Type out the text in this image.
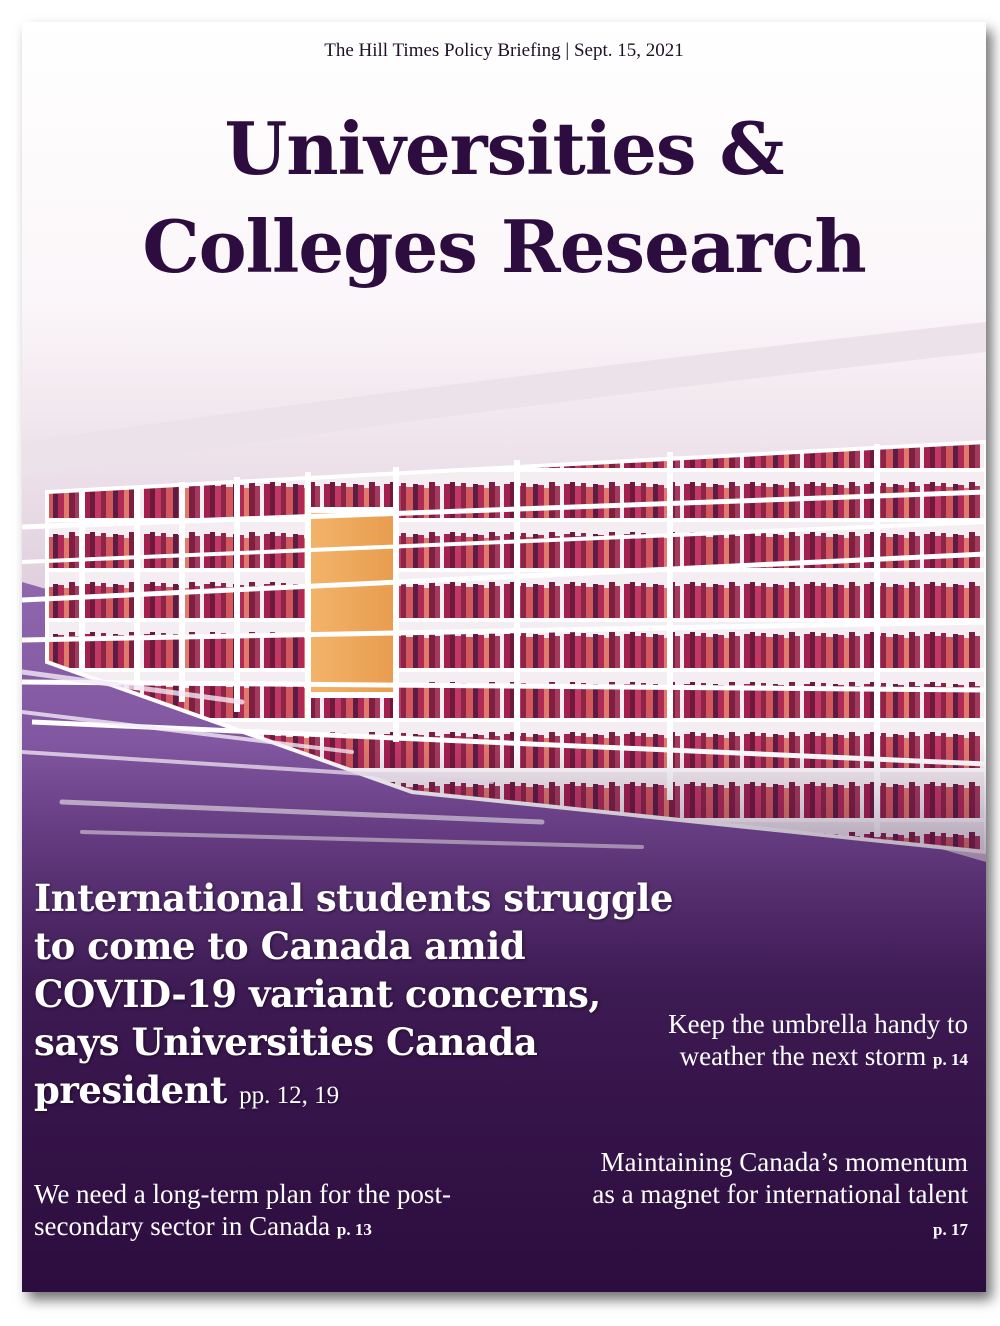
The Hill Times Policy Briefing | Sept. 15, 2021
Universities &
Colleges Research
International students struggle to come to Canada amid COVID-19 variant concerns, says Universities Canada president pp. 12, 19
Keep the umbrella handy to weather the next storm p. 14
Maintaining Canada’s momentum as a magnet for international talent p. 17
We need a long-term plan for the post-secondary sector in Canada p. 13
